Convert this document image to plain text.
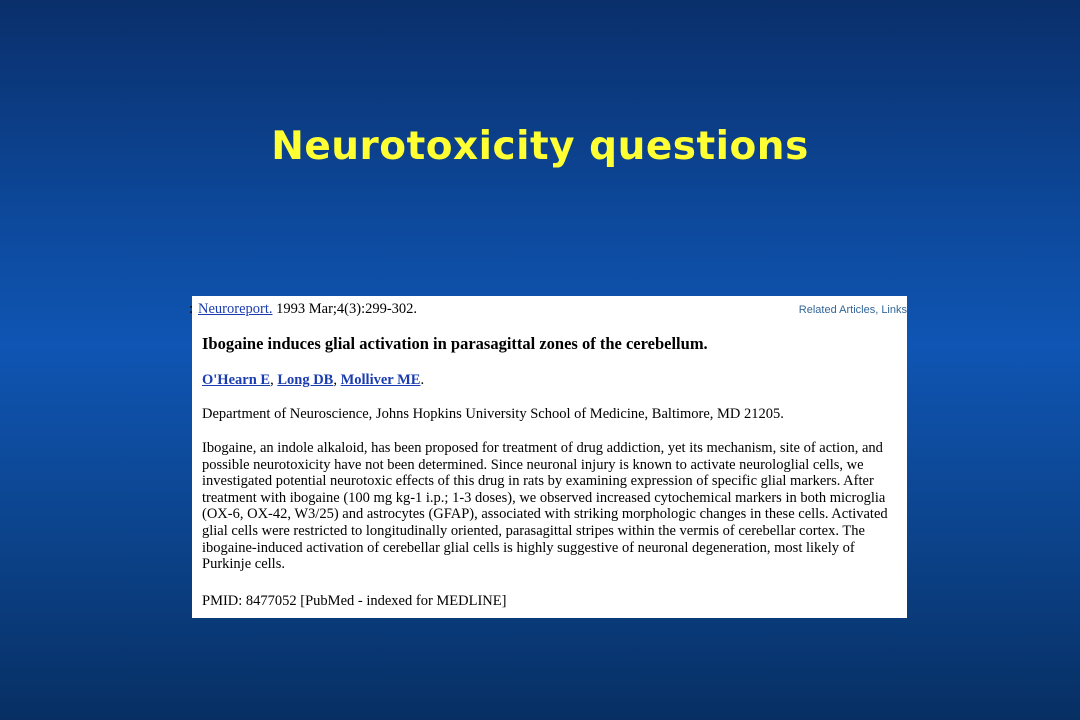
Neurotoxicity questions
: Neuroreport. 1993 Mar;4(3):299-302.	Related Articles, Links
Ibogaine induces glial activation in parasagittal zones of the cerebellum.
O'Hearn E, Long DB, Molliver ME.
Department of Neuroscience, Johns Hopkins University School of Medicine, Baltimore, MD 21205.
Ibogaine, an indole alkaloid, has been proposed for treatment of drug addiction, yet its mechanism, site of action, and
possible neurotoxicity have not been determined. Since neuronal injury is known to activate neurologlial cells, we
investigated potential neurotoxic effects of this drug in rats by examining expression of specific glial markers. After
treatment with ibogaine (100 mg kg-1 i.p.; 1-3 doses), we observed increased cytochemical markers in both microglia
(OX-6, OX-42, W3/25) and astrocytes (GFAP), associated with striking morphologic changes in these cells. Activated
glial cells were restricted to longitudinally oriented, parasagittal stripes within the vermis of cerebellar cortex. The
ibogaine-induced activation of cerebellar glial cells is highly suggestive of neuronal degeneration, most likely of
Purkinje cells.
PMID: 8477052 [PubMed - indexed for MEDLINE]
